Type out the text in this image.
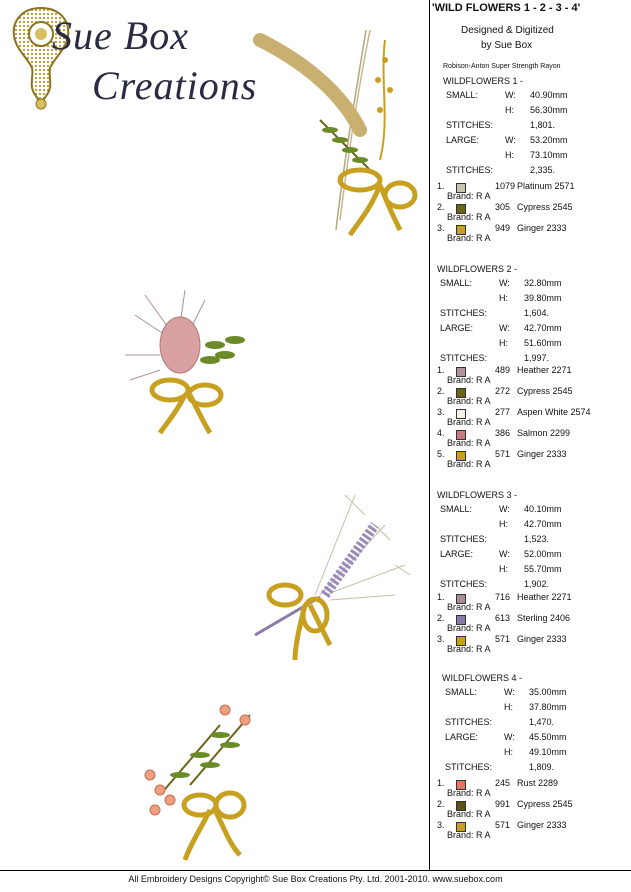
Sue Box
Creations
'WILD FLOWERS 1 - 2 - 3 - 4'
Designed & Digitized
by Sue Box
Robison-Anton Super Strength Rayon
WILDFLOWERS 1 -
SMALL:	W: 40.90mm
H: 56.30mm
STITCHES:	1,801.
LARGE:	W: 53.20mm
H: 73.10mm
STITCHES:	2,335.
1.	1079 Platinum 2571
Brand: R A
2.	305 Cypress 2545
Brand: R A
3.	949 Ginger 2333
Brand: R A
WILDFLOWERS 2 -
SMALL:	W: 32.80mm
H: 39.80mm
STITCHES:	1,604.
LARGE:	W: 42.70mm
H: 51.60mm
STITCHES:	1,997.
1.	489 Heather 2271
Brand: R A
2.	272 Cypress 2545
Brand: R A
3.	277 Aspen White 2574
Brand: R A
4.	386 Salmon 2299
Brand: R A
5.	571 Ginger 2333
Brand: R A
WILDFLOWERS 3 -
SMALL:	W: 40.10mm
H: 42.70mm
STITCHES:	1,523.
LARGE:	W: 52.00mm
H: 55.70mm
STITCHES:	1,902.
1.	716 Heather 2271
Brand: R A
2.	613 Sterling 2406
Brand: R A
3.	571 Ginger 2333
Brand: R A
WILDFLOWERS 4 -
SMALL:	W: 35.00mm
H: 37.80mm
STITCHES:	1,470.
LARGE:	W: 45.50mm
H: 49.10mm
STITCHES:	1,809.
1.	245 Rust 2289
Brand: R A
2.	991 Cypress 2545
Brand: R A
3.	571 Ginger 2333
Brand: R A
All Embroidery Designs Copyright© Sue Box Creations Pty. Ltd. 2001-2010. www.suebox.com
